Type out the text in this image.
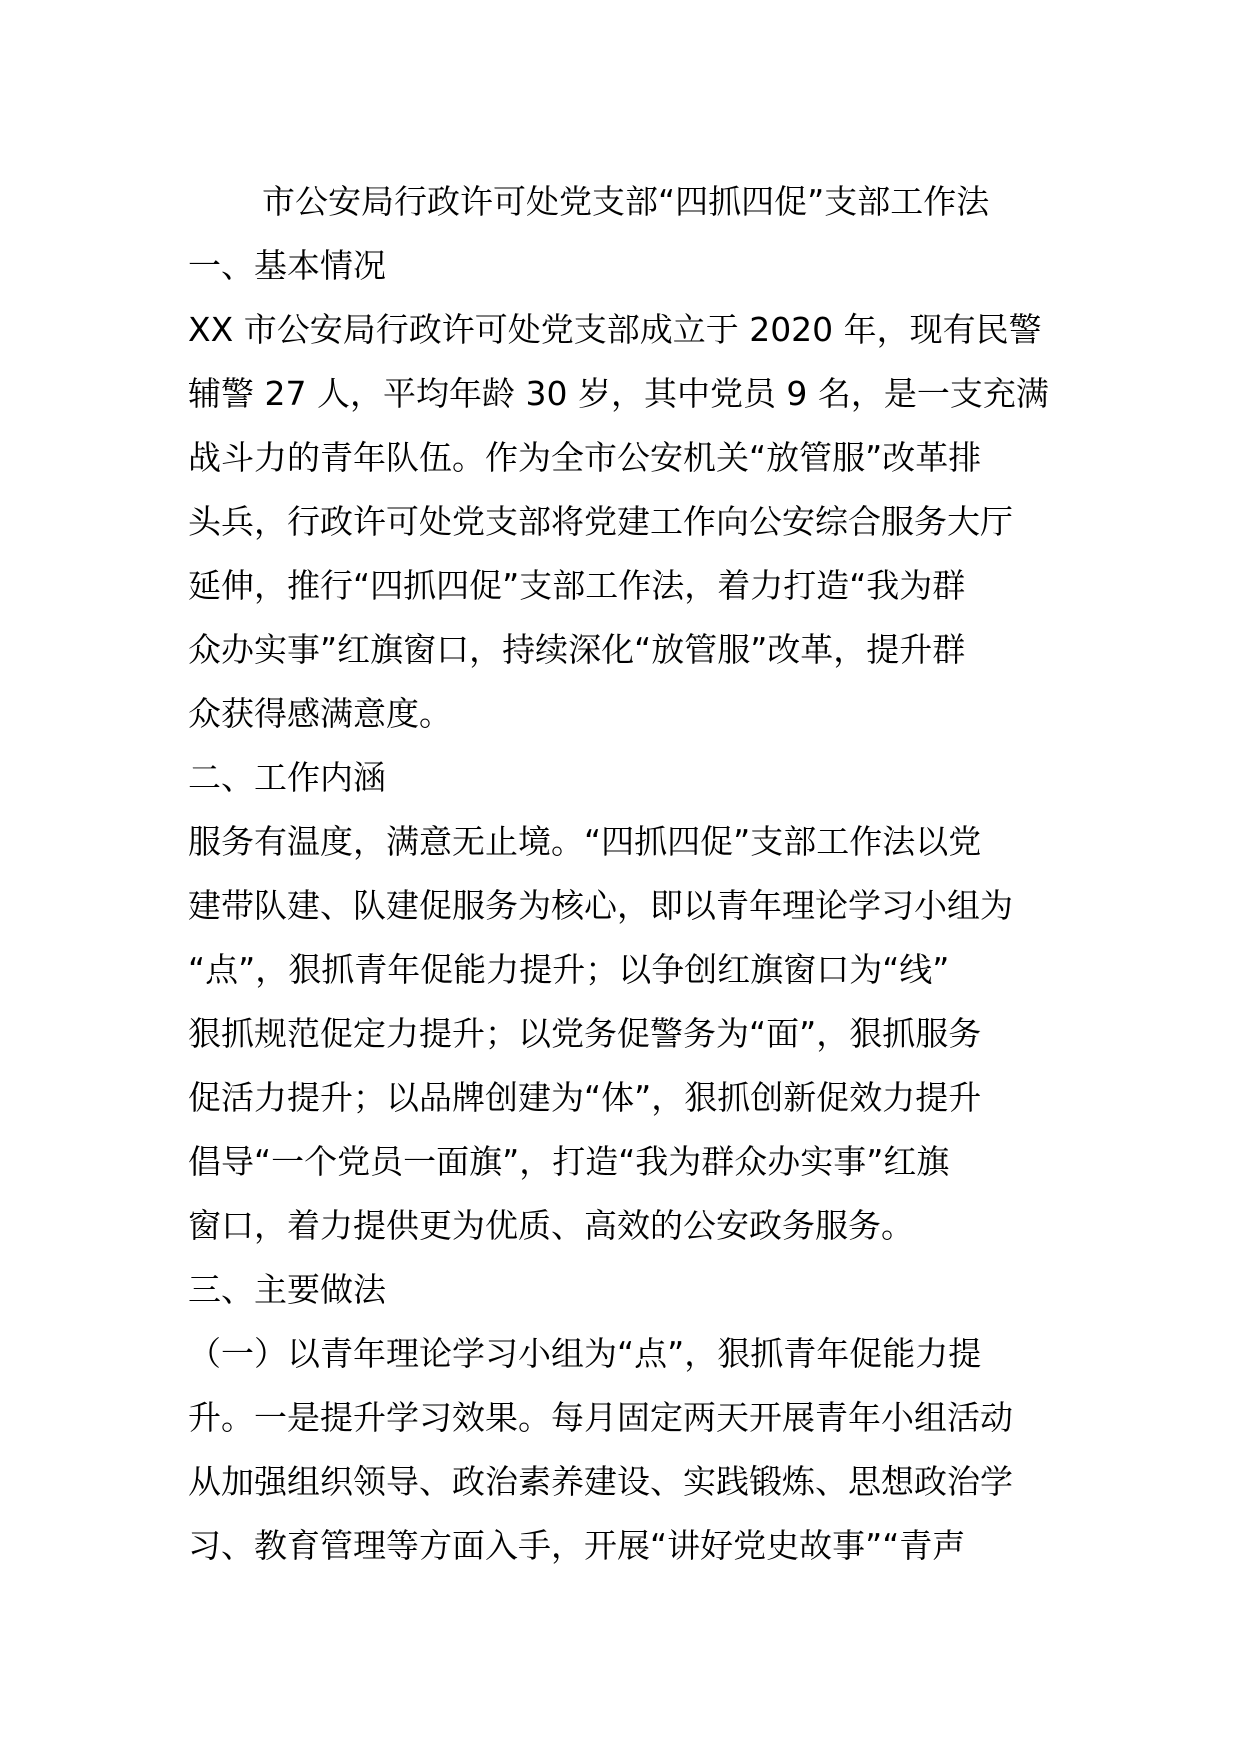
市公安局行政许可处党支部“四抓四促”支部工作法
一、基本情况
XX 市公安局行政许可处党支部成立于 2020 年，现有民警
辅警 27 人，平均年龄 30 岁，其中党员 9 名，是一支充满
战斗力的青年队伍。作为全市公安机关“放管服”改革排
头兵，行政许可处党支部将党建工作向公安综合服务大厅
延伸，推行“四抓四促”支部工作法，着力打造“我为群
众办实事”红旗窗口，持续深化“放管服”改革，提升群
众获得感满意度。
二、工作内涵
服务有温度，满意无止境。“四抓四促”支部工作法以党
建带队建、队建促服务为核心，即以青年理论学习小组为
“点”，狠抓青年促能力提升；以争创红旗窗口为“线”
狠抓规范促定力提升；以党务促警务为“面”，狠抓服务
促活力提升；以品牌创建为“体”，狠抓创新促效力提升
倡导“一个党员一面旗”，打造“我为群众办实事”红旗
窗口，着力提供更为优质、高效的公安政务服务。
三、主要做法
（一）以青年理论学习小组为“点”，狠抓青年促能力提
升。一是提升学习效果。每月固定两天开展青年小组活动
从加强组织领导、政治素养建设、实践锻炼、思想政治学
习、教育管理等方面入手，开展“讲好党史故事”“青声
